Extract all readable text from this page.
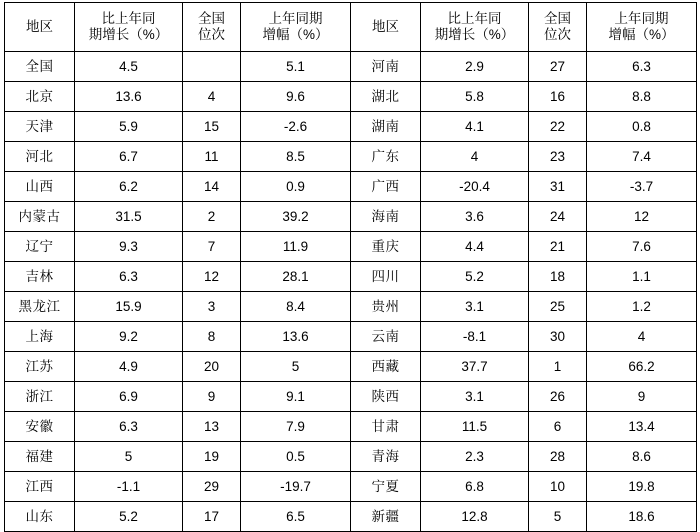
地区	比上年同
期增长（%）	全国
位次	上年同期
增幅（%）	地区	比上年同
期增长（%）	全国
位次	上年同期
增幅（%）

全国	4.5		5.1	河南	2.9	27	6.3
北京	13.6	4	9.6	湖北	5.8	16	8.8
天津	5.9	15	-2.6	湖南	4.1	22	0.8
河北	6.7	11	8.5	广东	4	23	7.4
山西	6.2	14	0.9	广西	-20.4	31	-3.7
内蒙古	31.5	2	39.2	海南	3.6	24	12
辽宁	9.3	7	11.9	重庆	4.4	21	7.6
吉林	6.3	12	28.1	四川	5.2	18	1.1
黑龙江	15.9	3	8.4	贵州	3.1	25	1.2
上海	9.2	8	13.6	云南	-8.1	30	4
江苏	4.9	20	5	西藏	37.7	1	66.2
浙江	6.9	9	9.1	陕西	3.1	26	9
安徽	6.3	13	7.9	甘肃	11.5	6	13.4
福建	5	19	0.5	青海	2.3	28	8.6
江西	-1.1	29	-19.7	宁夏	6.8	10	19.8
山东	5.2	17	6.5	新疆	12.8	5	18.6
